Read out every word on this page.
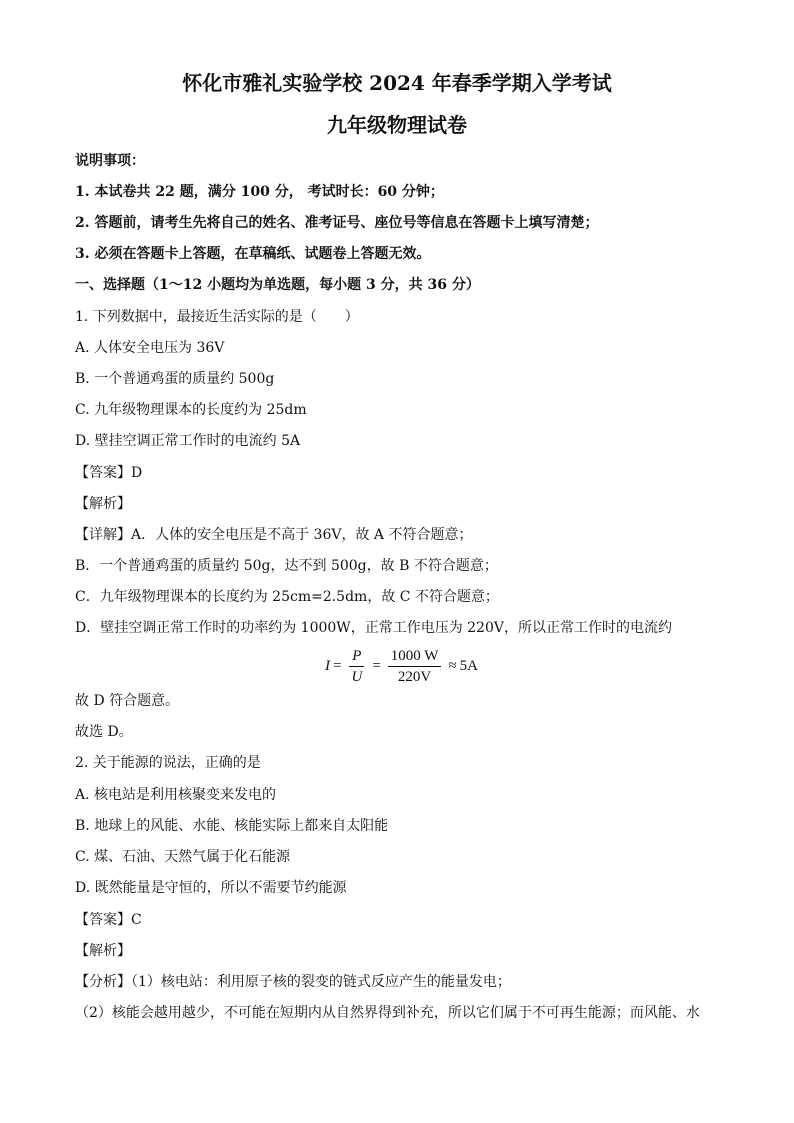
怀化市雅礼实验学校 2024 年春季学期入学考试
九年级物理试卷
说明事项：
1. 本试卷共 22 题，满分 100 分， 考试时长：60 分钟；
2. 答题前，请考生先将自己的姓名、准考证号、座位号等信息在答题卡上填写清楚；
3. 必须在答题卡上答题，在草稿纸、试题卷上答题无效。
一、选择题（1～12 小题均为单选题，每小题 3 分，共 36 分）
1. 下列数据中，最接近生活实际的是（　　）
A. 人体安全电压为 36V
B. 一个普通鸡蛋的质量约 500g
C. 九年级物理课本的长度约为 25dm
D. 壁挂空调正常工作时的电流约 5A
【答案】D
【解析】
【详解】A．人体的安全电压是不高于 36V，故 A 不符合题意；
B．一个普通鸡蛋的质量约 50g，达不到 500g，故 B 不符合题意；
C．九年级物理课本的长度约为 25cm=2.5dm，故 C 不符合题意；
D．壁挂空调正常工作时的功率约为 1000W，正常工作电压为 220V，所以正常工作时的电流约
$I = \frac{P}{U} = \frac{1000 W}{220V} \approx 5A$
故 D 符合题意。
故选 D。
2. 关于能源的说法，正确的是
A. 核电站是利用核聚变来发电的
B. 地球上的风能、水能、核能实际上都来自太阳能
C. 煤、石油、天然气属于化石能源
D. 既然能量是守恒的，所以不需要节约能源
【答案】C
【解析】
【分析】（1）核电站：利用原子核的裂变的链式反应产生的能量发电；
（2）核能会越用越少，不可能在短期内从自然界得到补充，所以它们属于不可再生能源；而风能、水
